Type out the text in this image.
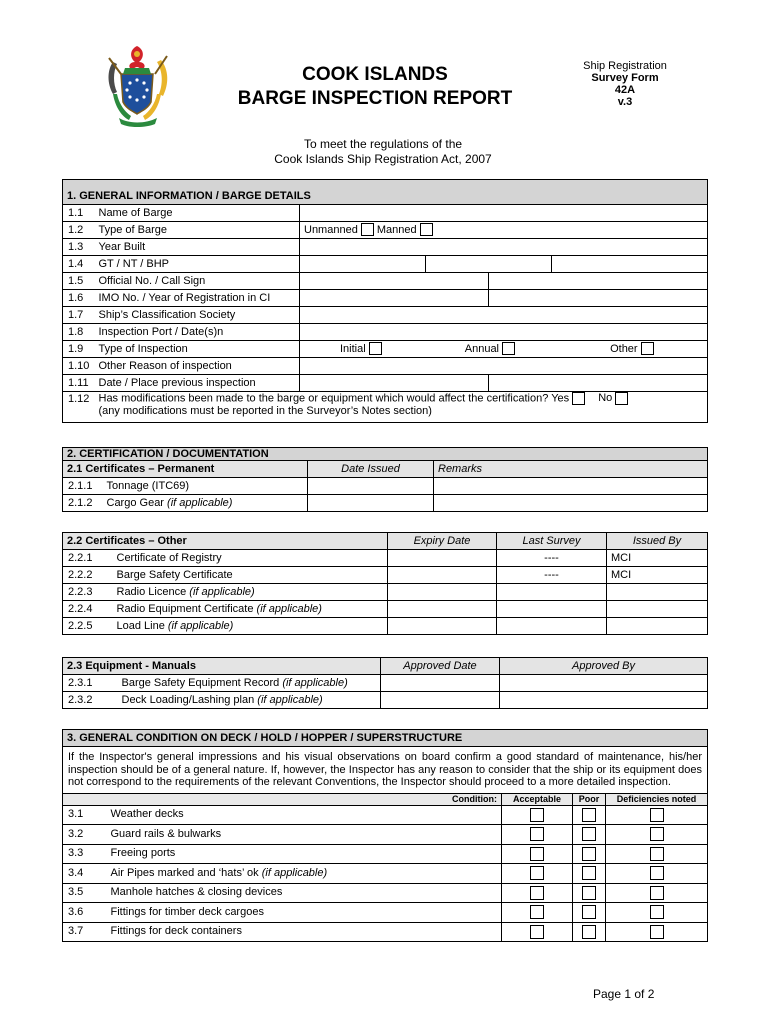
COOK ISLANDS
BARGE INSPECTION REPORT
Ship Registration
Survey Form
42A
v.3
To meet the regulations of the
Cook Islands Ship Registration Act, 2007
1. GENERAL INFORMATION / BARGE DETAILS					
1.1	Name of Barge				
1.2	Type of Barge	Unmanned Manned			
1.3	Year Built				
1.4	GT / NT / BHP				
1.5	Official No. / Call Sign				
1.6	IMO No. / Year of Registration in CI				
1.7	Ship’s Classification Society				
1.8	Inspection Port / Date(s)n				
1.9	Type of Inspection	Initial Annual Other			
1.10	Other Reason of inspection				
1.11	Date / Place previous inspection				
1.12	Has modifications been made to the barge or equipment which would affect the certification? Yes No
(any modifications must be reported in the Surveyor’s Notes section)				
2. CERTIFICATION / DOCUMENTATION			
2.1 Certificates – Permanent		Date Issued	Remarks
2.1.1	Tonnage (ITC69)		
2.1.2	Cargo Gear (if applicable)		
2.2 Certificates – Other		Expiry Date	Last Survey	Issued By
2.2.1	Certificate of Registry		----	MCI
2.2.2	Barge Safety Certificate		----	MCI
2.2.3	Radio Licence (if applicable)			
2.2.4	Radio Equipment Certificate (if applicable)			
2.2.5	Load Line (if applicable)			
2.3 Equipment - Manuals		Approved Date	Approved By
2.3.1	Barge Safety Equipment Record (if applicable)		
2.3.2	Deck Loading/Lashing plan (if applicable)		
3. GENERAL CONDITION ON DECK / HOLD / HOPPER / SUPERSTRUCTURE				
If the Inspector's general impressions and his visual observations on board confirm a good standard of maintenance, his/her inspection should be of a general nature. If, however, the Inspector has any reason to consider that the ship or its equipment does not correspond to the requirements of the relevant Conventions, the Inspector should proceed to a more detailed inspection.				
Condition:		Acceptable	Poor	Deficiencies noted
3.1	Weather decks	

3.2	Guard rails & bulwarks	

3.3	Freeing ports	

3.4	Air Pipes marked and ‘hats’ ok (if applicable)	

3.5	Manhole hatches & closing devices	

3.6	Fittings for timber deck cargoes	

3.7	Fittings for deck containers	

Page 1 of 2
